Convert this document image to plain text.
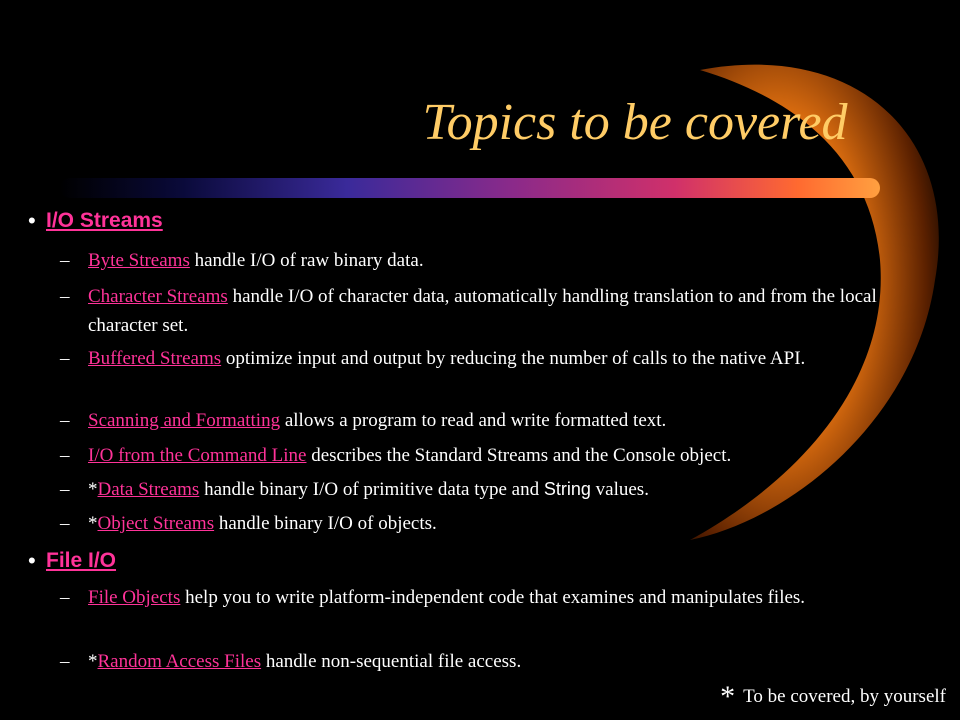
Topics to be covered
• I/O Streams
– Byte Streams handle I/O of raw binary data.
– Character Streams handle I/O of character data, automatically handling translation to and from the local character set.
– Buffered Streams optimize input and output by reducing the number of calls to the native API.
– Scanning and Formatting allows a program to read and write formatted text.
– I/O from the Command Line describes the Standard Streams and the Console object.
– *Data Streams handle binary I/O of primitive data type and String values.
– *Object Streams handle binary I/O of objects.
• File I/O
– File Objects help you to write platform-independent code that examines and manipulates files.
– *Random Access Files handle non-sequential file access.
* To be covered, by yourself
